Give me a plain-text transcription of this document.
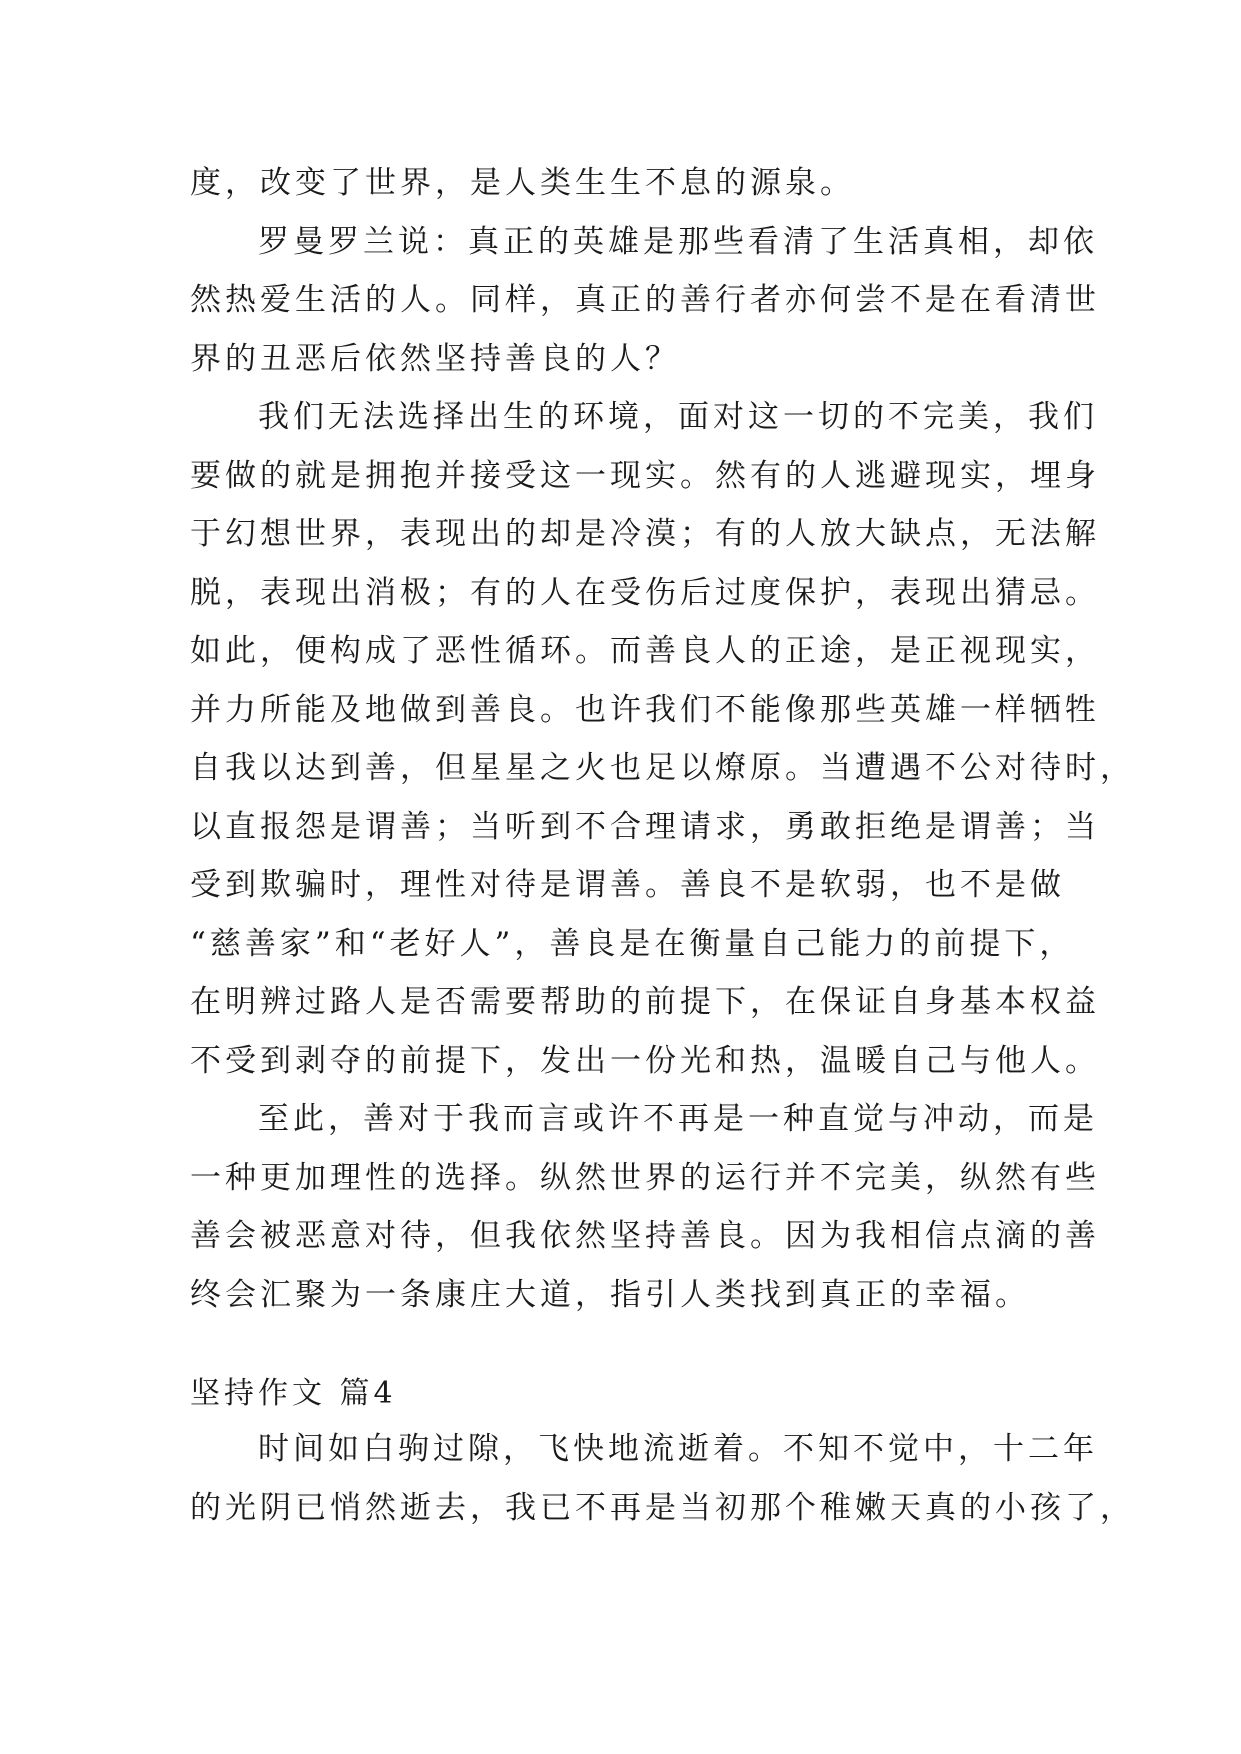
度，改变了世界，是人类生生不息的源泉。
罗曼罗兰说：真正的英雄是那些看清了生活真相，却依
然热爱生活的人。同样，真正的善行者亦何尝不是在看清世
界的丑恶后依然坚持善良的人？
我们无法选择出生的环境，面对这一切的不完美，我们
要做的就是拥抱并接受这一现实。然有的人逃避现实，埋身
于幻想世界，表现出的却是冷漠；有的人放大缺点，无法解
脱，表现出消极；有的人在受伤后过度保护，表现出猜忌。
如此，便构成了恶性循环。而善良人的正途，是正视现实，
并力所能及地做到善良。也许我们不能像那些英雄一样牺牲
自我以达到善，但星星之火也足以燎原。当遭遇不公对待时，
以直报怨是谓善；当听到不合理请求，勇敢拒绝是谓善；当
受到欺骗时，理性对待是谓善。善良不是软弱，也不是做
“慈善家”和“老好人”，善良是在衡量自己能力的前提下，
在明辨过路人是否需要帮助的前提下，在保证自身基本权益
不受到剥夺的前提下，发出一份光和热，温暖自己与他人。
至此，善对于我而言或许不再是一种直觉与冲动，而是
一种更加理性的选择。纵然世界的运行并不完美，纵然有些
善会被恶意对待，但我依然坚持善良。因为我相信点滴的善
终会汇聚为一条康庄大道，指引人类找到真正的幸福。
坚持作文 篇4
时间如白驹过隙，飞快地流逝着。不知不觉中，十二年
的光阴已悄然逝去，我已不再是当初那个稚嫩天真的小孩了，
